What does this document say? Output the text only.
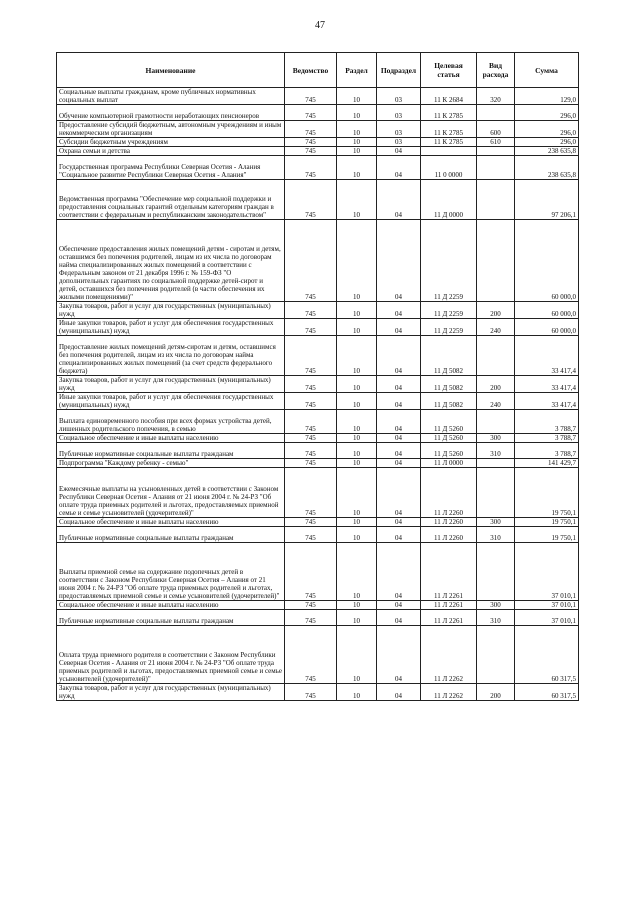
47
Наименование	Ведомство	Раздел	Подраздел	Целевая статья	Вид расхода	Сумма
Социальные выплаты гражданам, кроме публичных нормативных социальных выплат	745	10	03	11 К 2684	320	129,0
Обучение компьютерной грамотности неработающих пенсионеров	745	10	03	11 К 2785		296,0
Предоставление субсидий бюджетным, автономным учреждениям и иным некоммерческим организациям	745	10	03	11 К 2785	600	296,0
Субсидии бюджетным учреждениям	745	10	03	11 К 2785	610	296,0
Охрана семьи и детства	745	10	04			238 635,8
Государственная программа Республики Северная Осетия - Алания "Социальное развитие Республики Северная Осетия - Алания"	745	10	04	11 0 0000		238 635,8
Ведомственная программа "Обеспечение мер социальной поддержки и предоставления социальных гарантий отдельным категориям граждан в соответствии с федеральным и республиканским законодательством"	745	10	04	11 Д 0000		97 206,1
Обеспечение предоставления жилых помещений детям - сиротам и детям, оставшимся без попечения родителей, лицам из их числа по договорам найма специализированных жилых помещений в соответствии с Федеральным законом от 21 декабря 1996 г. № 159-ФЗ "О дополнительных гарантиях по социальной поддержке детей-сирот и детей, оставшихся без попечения родителей (в части обеспечения их жилыми помещениями)"	745	10	04	11 Д 2259		60 000,0
Закупка товаров, работ и услуг для государственных (муниципальных) нужд	745	10	04	11 Д 2259	200	60 000,0
Иные закупки товаров, работ и услуг для обеспечения государственных (муниципальных) нужд	745	10	04	11 Д 2259	240	60 000,0
Предоставление жилых помещений детям-сиротам и детям, оставшимся без попечения родителей, лицам из их числа по договорам найма специализированных жилых помещений (за счет средств федерального бюджета)	745	10	04	11 Д 5082		33 417,4
Закупка товаров, работ и услуг для государственных (муниципальных) нужд	745	10	04	11 Д 5082	200	33 417,4
Иные закупки товаров, работ и услуг для обеспечения государственных (муниципальных) нужд	745	10	04	11 Д 5082	240	33 417,4
Выплата единовременного пособия при всех формах устройства детей, лишенных родительского попечения, в семью	745	10	04	11 Д 5260		3 788,7
Социальное обеспечение и иные выплаты населению	745	10	04	11 Д 5260	300	3 788,7
Публичные нормативные социальные выплаты гражданам	745	10	04	11 Д 5260	310	3 788,7
Подпрограмма "Каждому ребенку - семью"	745	10	04	11 Л 0000		141 429,7
Ежемесячные выплаты на усыновленных детей в соответствии с Законом Республики Северная Осетия - Алания от 21 июня 2004 г. № 24-РЗ "Об оплате труда приемных родителей и льготах, предоставляемых приемной семье и семье усыновителей (удочерителей)"	745	10	04	11 Л 2260		19 750,1
Социальное обеспечение и иные выплаты населению	745	10	04	11 Л 2260	300	19 750,1
Публичные нормативные социальные выплаты гражданам	745	10	04	11 Л 2260	310	19 750,1
Выплаты приемной семье на содержание подопечных детей в соответствии с Законом Республики Северная Осетия – Алания от 21 июня 2004 г. № 24-РЗ "Об оплате труда приемных родителей и льготах, предоставляемых приемной семье и семье усыновителей (удочерителей)"	745	10	04	11 Л 2261		37 010,1
Социальное обеспечение и иные выплаты населению	745	10	04	11 Л 2261	300	37 010,1
Публичные нормативные социальные выплаты гражданам	745	10	04	11 Л 2261	310	37 010,1
Оплата труда приемного родителя в соответствии с Законом Республики Северная Осетия - Алания от 21 июня 2004 г. № 24-РЗ "Об оплате труда приемных родителей и льготах, предоставляемых приемной семье и семье усыновителей (удочерителей)"	745	10	04	11 Л 2262		60 317,5
Закупка товаров, работ и услуг для государственных (муниципальных) нужд	745	10	04	11 Л 2262	200	60 317,5
